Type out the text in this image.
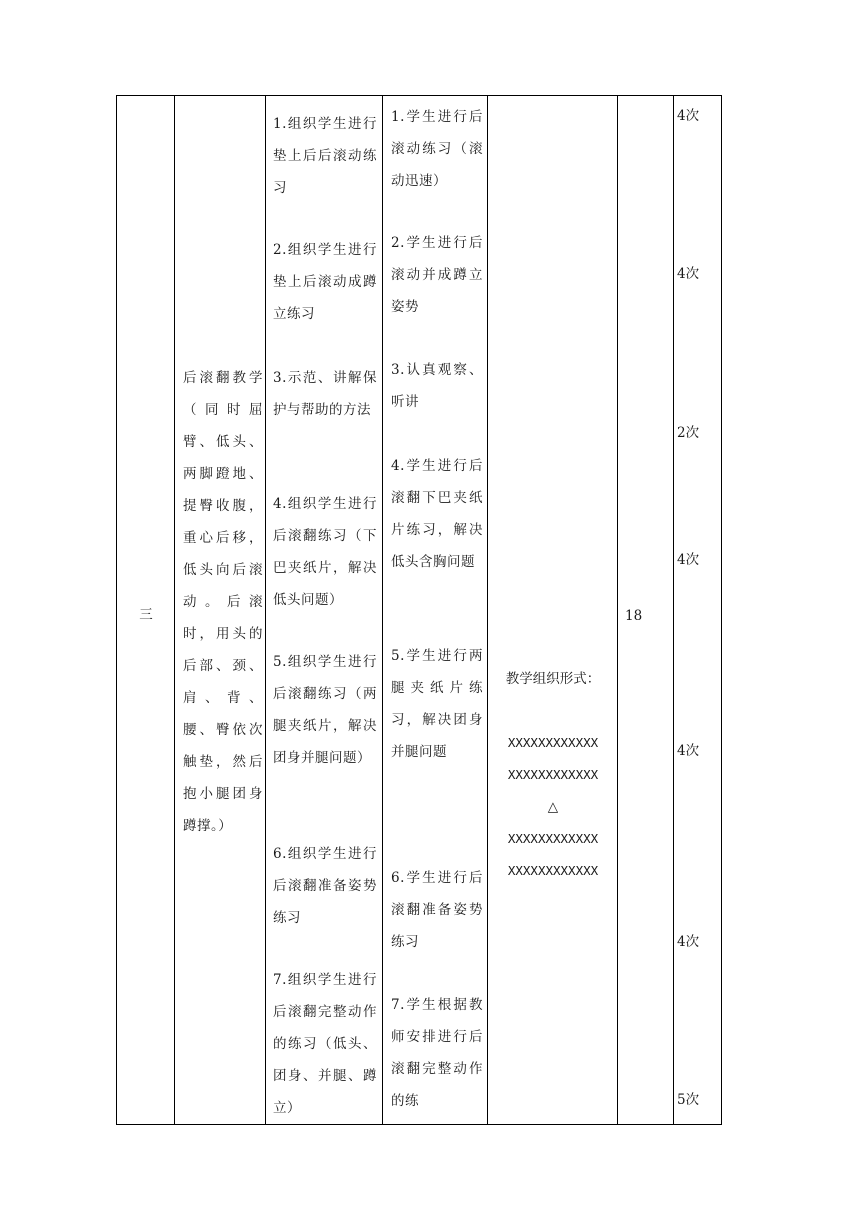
三
后滚翻教学（同时屈臂、低头、两脚蹬地、提臀收腹，重心后移，低头向后滚动。后滚时，用头的后部、颈、肩、背、腰、臀依次触垫，然后抱小腿团身蹲撑。）
1.组织学生进行垫上后后滚动练习
2.组织学生进行垫上后滚动成蹲立练习
3.示范、讲解保护与帮助的方法
4.组织学生进行后滚翻练习（下巴夹纸片，解决低头问题）
5.组织学生进行后滚翻练习（两腿夹纸片，解决团身并腿问题）
6.组织学生进行后滚翻准备姿势练习
7.组织学生进行后滚翻完整动作的练习（低头、团身、并腿、蹲立）
1.学生进行后滚动练习（滚动迅速）
2.学生进行后滚动并成蹲立姿势
3.认真观察、听讲
4.学生进行后滚翻下巴夹纸片练习，解决低头含胸问题
5.学生进行两腿夹纸片练习，解决团身并腿问题
6.学生进行后滚翻准备姿势练习
7.学生根据教师安排进行后滚翻完整动作的练
教学组织形式：
XXXXXXXXXXXX
XXXXXXXXXXXX
△
XXXXXXXXXXXX
XXXXXXXXXXXX
18
4次
4次
2次
4次
4次
4次
5次
